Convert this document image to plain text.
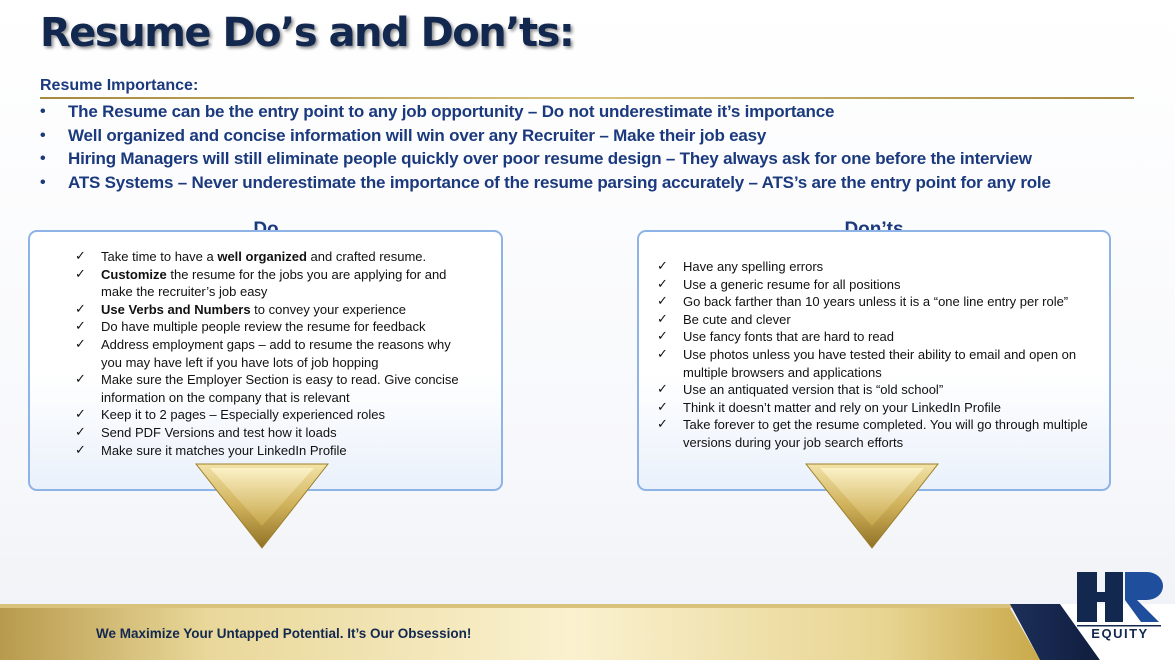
Resume Do’s and Don’ts:
Resume Importance:
• The Resume can be the entry point to any job opportunity – Do not underestimate it’s importance
• Well organized and concise information will win over any Recruiter – Make their job easy
• Hiring Managers will still eliminate people quickly over poor resume design – They always ask for one before the interview
• ATS Systems – Never underestimate the importance of the resume parsing accurately – ATS’s are the entry point for any role
✓ Take time to have a well organized and crafted resume.
✓ Customize the resume for the jobs you are applying for and make the recruiter’s job easy
✓ Use Verbs and Numbers to convey your experience
✓ Do have multiple people review the resume for feedback
✓ Address employment gaps – add to resume the reasons why you may have left if you have lots of job hopping
✓ Make sure the Employer Section is easy to read. Give concise information on the company that is relevant
✓ Keep it to 2 pages – Especially experienced roles
✓ Send PDF Versions and test how it loads
✓ Make sure it matches your LinkedIn Profile
✓ Have any spelling errors
✓ Use a generic resume for all positions
✓ Go back farther than 10 years unless it is a “one line entry per role”
✓ Be cute and clever
✓ Use fancy fonts that are hard to read
✓ Use photos unless you have tested their ability to email and open on multiple browsers and applications
✓ Use an antiquated version that is “old school”
✓ Think it doesn’t matter and rely on your LinkedIn Profile
✓ Take forever to get the resume completed. You will go through multiple versions during your job search efforts
We Maximize Your Untapped Potential. It’s Our Obsession!	EQUITY
